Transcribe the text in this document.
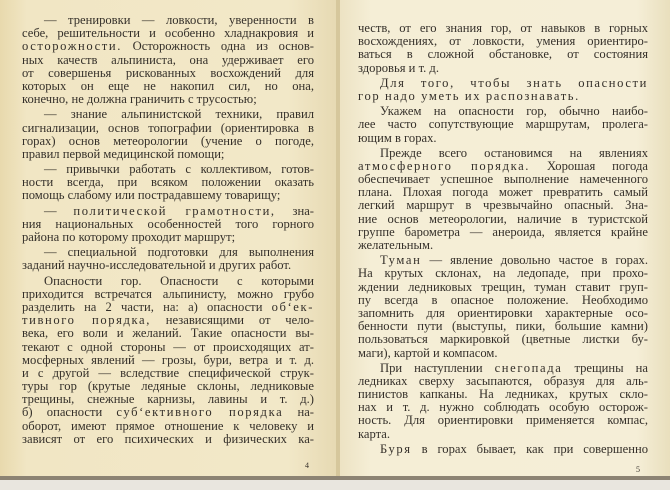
— тренировки — ловкости, уверенности в
себе, решительности и особенно хладнакровия и
осторожности. Осторожность одна из основ-
ных качеств альпиниста, она удерживает его
от совершенья рискованных восхождений для
которых он еще не накопил сил, но она,
конечно, не должна граничить с трусостью;
— знание альпинистской техники, правил
сигнализации, основ топографии (ориентировка в
горах) основ метеорологии (учение о погоде,
правил первой медицинской помощи;
— привычки работать с коллективом, готов-
ности всегда, при всяком положении оказать
помощь слабому или пострадавшему товарищу;
— политической грамотности, зна-
ния национальных особенностей того горного
района по которому проходит маршрут;
— специальной подготовки для выполнения
заданий научно-исследовательной и других работ.
Опасности гор. Опасности с которыми
приходится встречатся альпинисту, можно грубо
разделить на 2 части, на: а) опасности об‘ек-
тивного порядка, независящими от чело-
века, его воли и желаний. Такие опасности вы-
текают с одной стороны — от происходящих ат-
мосферных явлений — грозы, бури, ветра и т. д.
и с другой — вследствие специфической струк-
туры гор (крутые ледяные склоны, ледниковые
трещины, снежные карнизы, лавины и т. д.)
б) опасности суб‘ективного порядка на-
оборот, имеют прямое отношение к человеку и
зависят от его психических и физических ка-
4
честв, от его знания гор, от навыков в горных
восхождениях, от ловкости, умения ориентиро-
ваться в сложной обстановке, от состояния
здоровья и т. д.
Для того, чтобы знать опасности
гор надо уметь их распознавать.
Укажем на опасности гор, обычно наибо-
лее часто сопутствующие маршрутам, пролега-
ющим в горах.
Прежде всего остановимся на явлениях
атмосферного порядка. Хорошая погода
обеспечивает успешное выполнение намеченного
плана. Плохая погода может превратить самый
легкий маршрут в чрезвычайно опасный. Зна-
ние основ метеорологии, наличие в туристской
группе барометра — анероида, является крайне
желательным.
Туман — явление довольно частое в горах.
На крутых склонах, на ледопаде, при прохо-
ждении ледниковых трещин, туман ставит груп-
пу всегда в опасное положение. Необходимо
запомнить для ориентировки характерные осо-
бенности пути (выступы, пики, большие камни)
пользоваться маркировкой (цветные листки бу-
маги), картой и компасом.
При наступлении снегопада трещины на
ледниках сверху засыпаются, образуя для аль-
пинистов капканы. На ледниках, крутых скло-
нах и т. д. нужно соблюдать особую осторож-
ность. Для ориентировки применяется компас,
карта.
Буря в горах бывает, как при совершенно
5
